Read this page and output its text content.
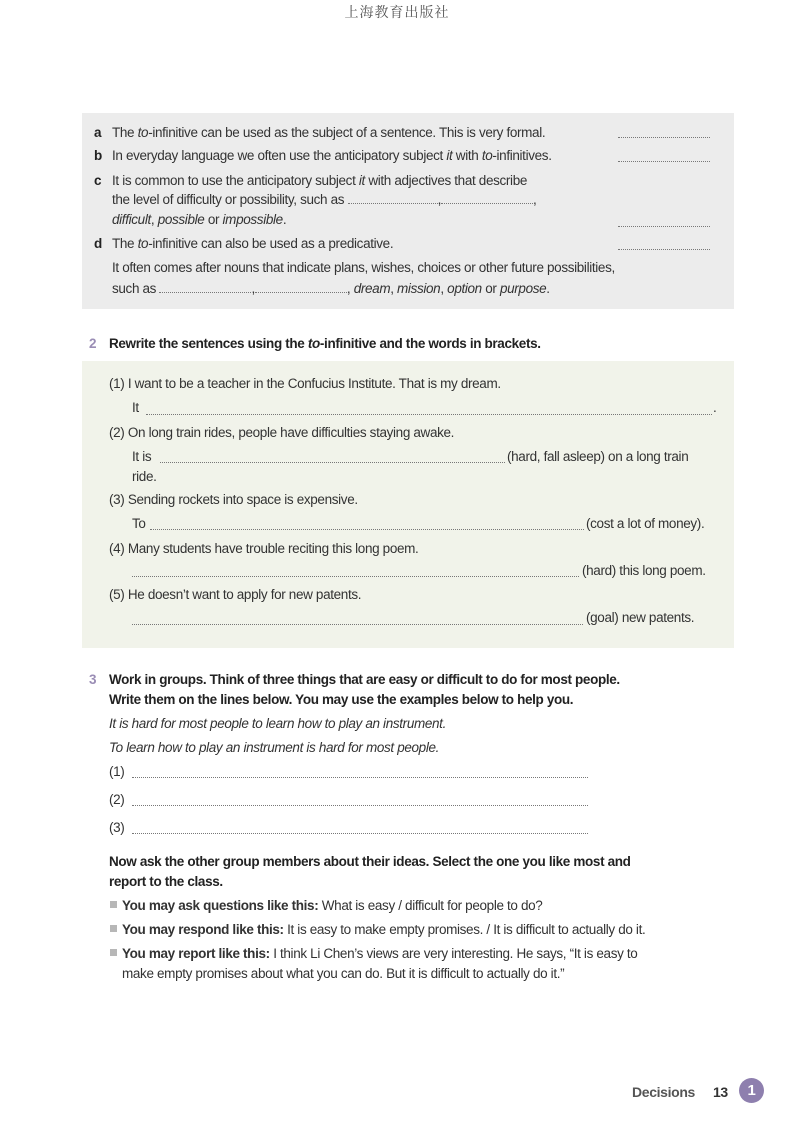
上海教育出版社
a The to-infinitive can be used as the subject of a sentence. This is very formal.
b In everyday language we often use the anticipatory subject it with to-infinitives.
c It is common to use the anticipatory subject it with adjectives that describe
the level of difficulty or possibility, such as	,	,
difficult, possible or impossible.
d The to-infinitive can also be used as a predicative.
It often comes after nouns that indicate plans, wishes, choices or other future possibilities,
such as	,	, dream, mission, option or purpose.
2 Rewrite the sentences using the to-infinitive and the words in brackets.
(1) I want to be a teacher in the Confucius Institute. That is my dream.
It	.
(2) On long train rides, people have difficulties staying awake.
It is	(hard, fall asleep) on a long train
ride.
(3) Sending rockets into space is expensive.
To	(cost a lot of money).
(4) Many students have trouble reciting this long poem.
(hard) this long poem.
(5) He doesn’t want to apply for new patents.
(goal) new patents.
3 Work in groups. Think of three things that are easy or difficult to do for most people.
Write them on the lines below. You may use the examples below to help you.
It is hard for most people to learn how to play an instrument.
To learn how to play an instrument is hard for most people.
(1)
(2)
(3)
Now ask the other group members about their ideas. Select the one you like most and
report to the class.
You may ask questions like this: What is easy / difficult for people to do?
You may respond like this: It is easy to make empty promises. / It is difficult to actually do it.
You may report like this: I think Li Chen’s views are very interesting. He says, “It is easy to
make empty promises about what you can do. But it is difficult to actually do it.”
Decisions 13	1
